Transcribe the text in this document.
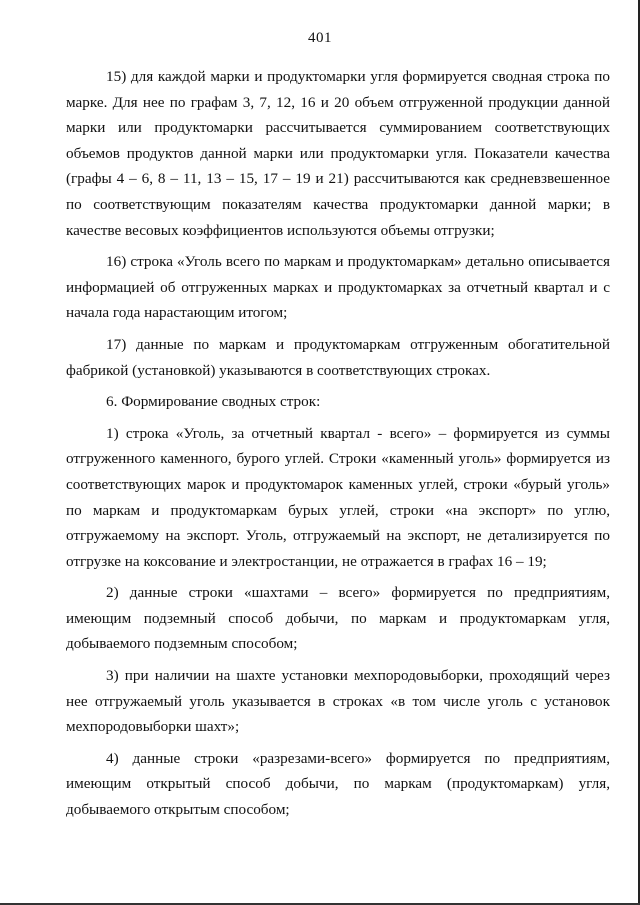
401

15) для каждой марки и продуктомарки угля формируется сводная строка по марке. Для нее по графам 3, 7, 12, 16 и 20 объем отгруженной продукции данной марки или продуктомарки рассчитывается суммированием соответствующих объемов продуктов данной марки или продуктомарки угля. Показатели качества (графы 4 – 6, 8 – 11, 13 – 15, 17 – 19 и 21) рассчитываются как средневзвешенное по соответствующим показателям качества продуктомарки данной марки; в качестве весовых коэффициентов используются объемы отгрузки;

16) строка «Уголь всего по маркам и продуктомаркам» детально описывается информацией об отгруженных марках и продуктомарках за отчетный квартал и с начала года нарастающим итогом;

17) данные по маркам и продуктомаркам отгруженным обогатительной фабрикой (установкой) указываются в соответствующих строках.

6. Формирование сводных строк:

1) строка «Уголь, за отчетный квартал - всего» – формируется из суммы отгруженного каменного, бурого углей. Строки «каменный уголь» формируется из соответствующих марок и продуктомарок каменных углей, строки «бурый уголь» по маркам и продуктомаркам бурых углей, строки «на экспорт» по углю, отгружаемому на экспорт. Уголь, отгружаемый на экспорт, не детализируется по отгрузке на коксование и электростанции, не отражается в графах 16 – 19;

2) данные строки «шахтами – всего» формируется по предприятиям, имеющим подземный способ добычи, по маркам и продуктомаркам угля, добываемого подземным способом;

3) при наличии на шахте установки мехпородовыборки, проходящий через нее отгружаемый уголь указывается в строках «в том числе уголь с установок мехпородовыборки шахт»;

4) данные строки «разрезами-всего» формируется по предприятиям, имеющим открытый способ добычи, по маркам (продуктомаркам) угля, добываемого открытым способом;
